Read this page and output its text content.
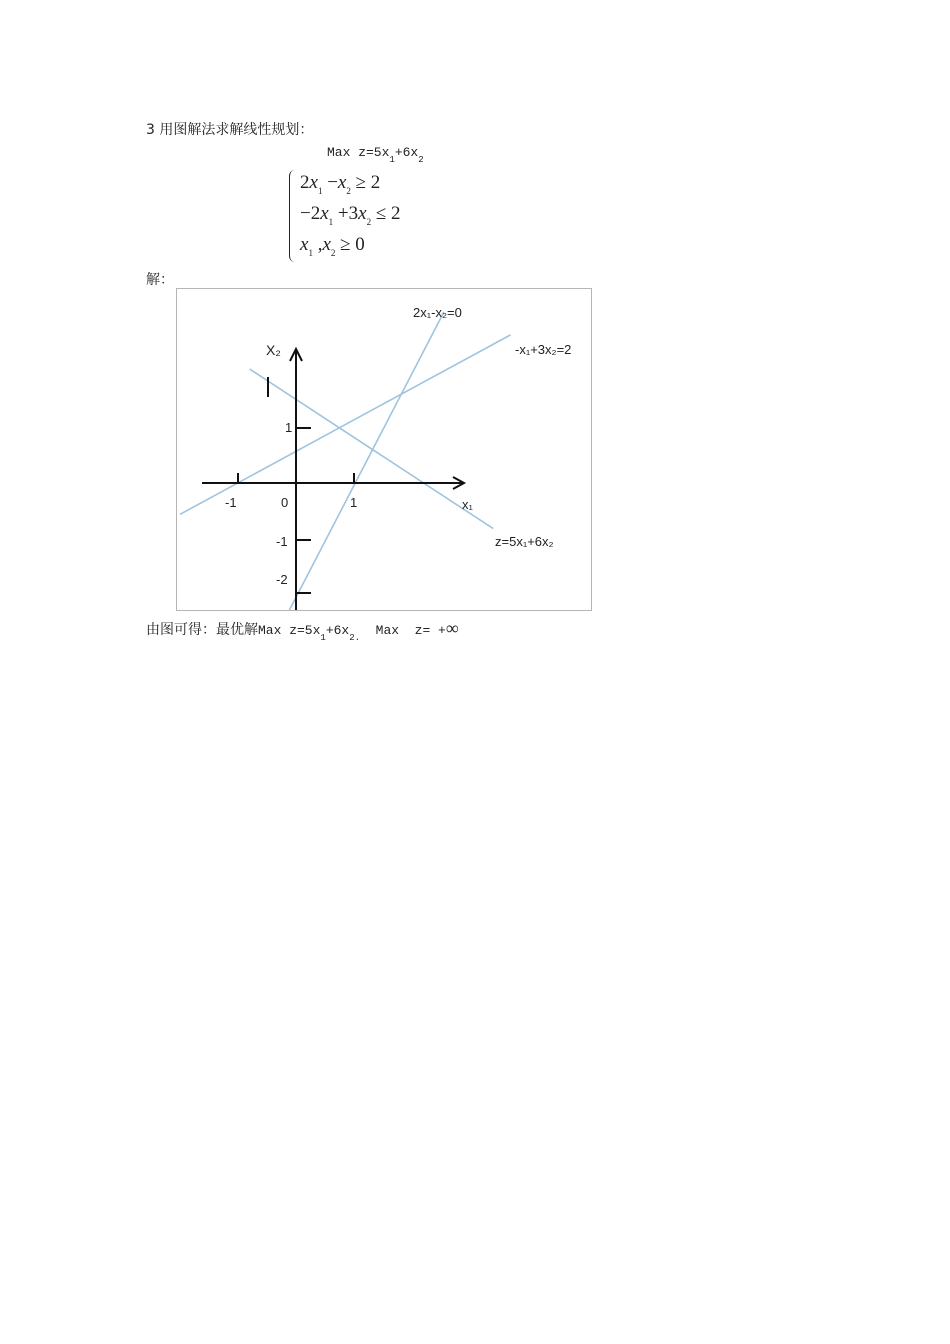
3 用图解法求解线性规划：
Max $z=5x_1+6x_2$
$2x_1 -x_2 \ge 2$
$-2x_1 +3x_2 \le 2$
$x_1$ $,x_2 \ge 0$
解：
-1	0	1
1
-1
-2
x₁
X₂
2x₁-x₂=0
-x₁+3x₂=2
z=5x₁+6x₂
由图可得：最优解Max $z=5x_1+6x_{2.}$  Max  z= +∞
